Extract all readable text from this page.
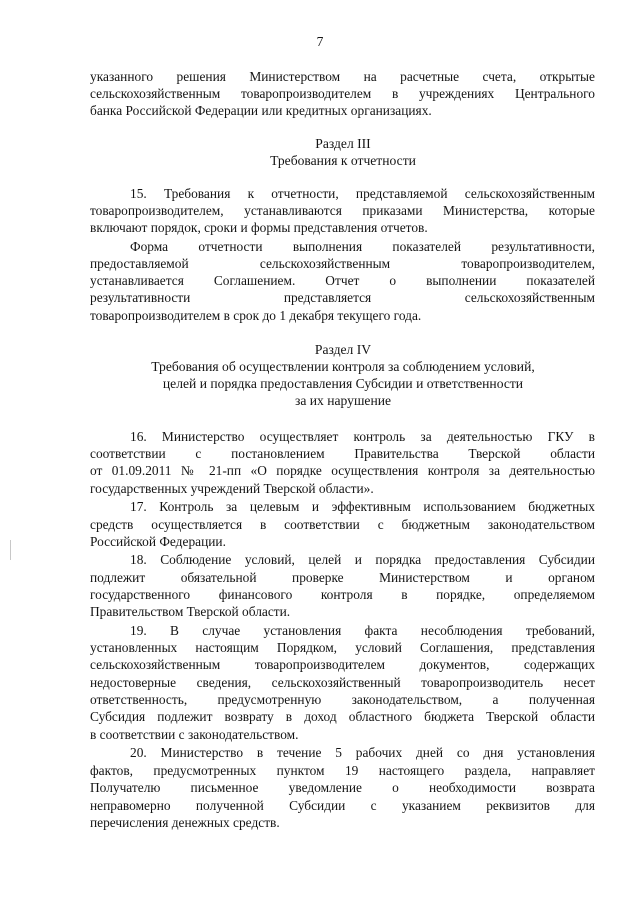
7
указанного решения Министерством на расчетные счета, открытые
сельскохозяйственным товаропроизводителем в учреждениях Центрального
банка Российской Федерации или кредитных организациях.
Раздел III
Требования к отчетности
15. Требования к отчетности, представляемой сельскохозяйственным
товаропроизводителем, устанавливаются приказами Министерства, которые
включают порядок, сроки и формы представления отчетов.
Форма отчетности выполнения показателей результативности,
предоставляемой сельскохозяйственным товаропроизводителем,
устанавливается Соглашением. Отчет о выполнении показателей
результативности представляется сельскохозяйственным
товаропроизводителем в срок до 1 декабря текущего года.
Раздел IV
Требования об осуществлении контроля за соблюдением условий,
целей и порядка предоставления Субсидии и ответственности
за их нарушение
16. Министерство осуществляет контроль за деятельностью ГКУ в
соответствии с постановлением Правительства Тверской области
от 01.09.2011 № 21-пп «О порядке осуществления контроля за деятельностью
государственных учреждений Тверской области».
17. Контроль за целевым и эффективным использованием бюджетных
средств осуществляется в соответствии с бюджетным законодательством
Российской Федерации.
18. Соблюдение условий, целей и порядка предоставления Субсидии
подлежит обязательной проверке Министерством и органом
государственного финансового контроля в порядке, определяемом
Правительством Тверской области.
19. В случае установления факта несоблюдения требований,
установленных настоящим Порядком, условий Соглашения, представления
сельскохозяйственным товаропроизводителем документов, содержащих
недостоверные сведения, сельскохозяйственный товаропроизводитель несет
ответственность, предусмотренную законодательством, а полученная
Субсидия подлежит возврату в доход областного бюджета Тверской области
в соответствии с законодательством.
20. Министерство в течение 5 рабочих дней со дня установления
фактов, предусмотренных пунктом 19 настоящего раздела, направляет
Получателю письменное уведомление о необходимости возврата
неправомерно полученной Субсидии с указанием реквизитов для
перечисления денежных средств.
